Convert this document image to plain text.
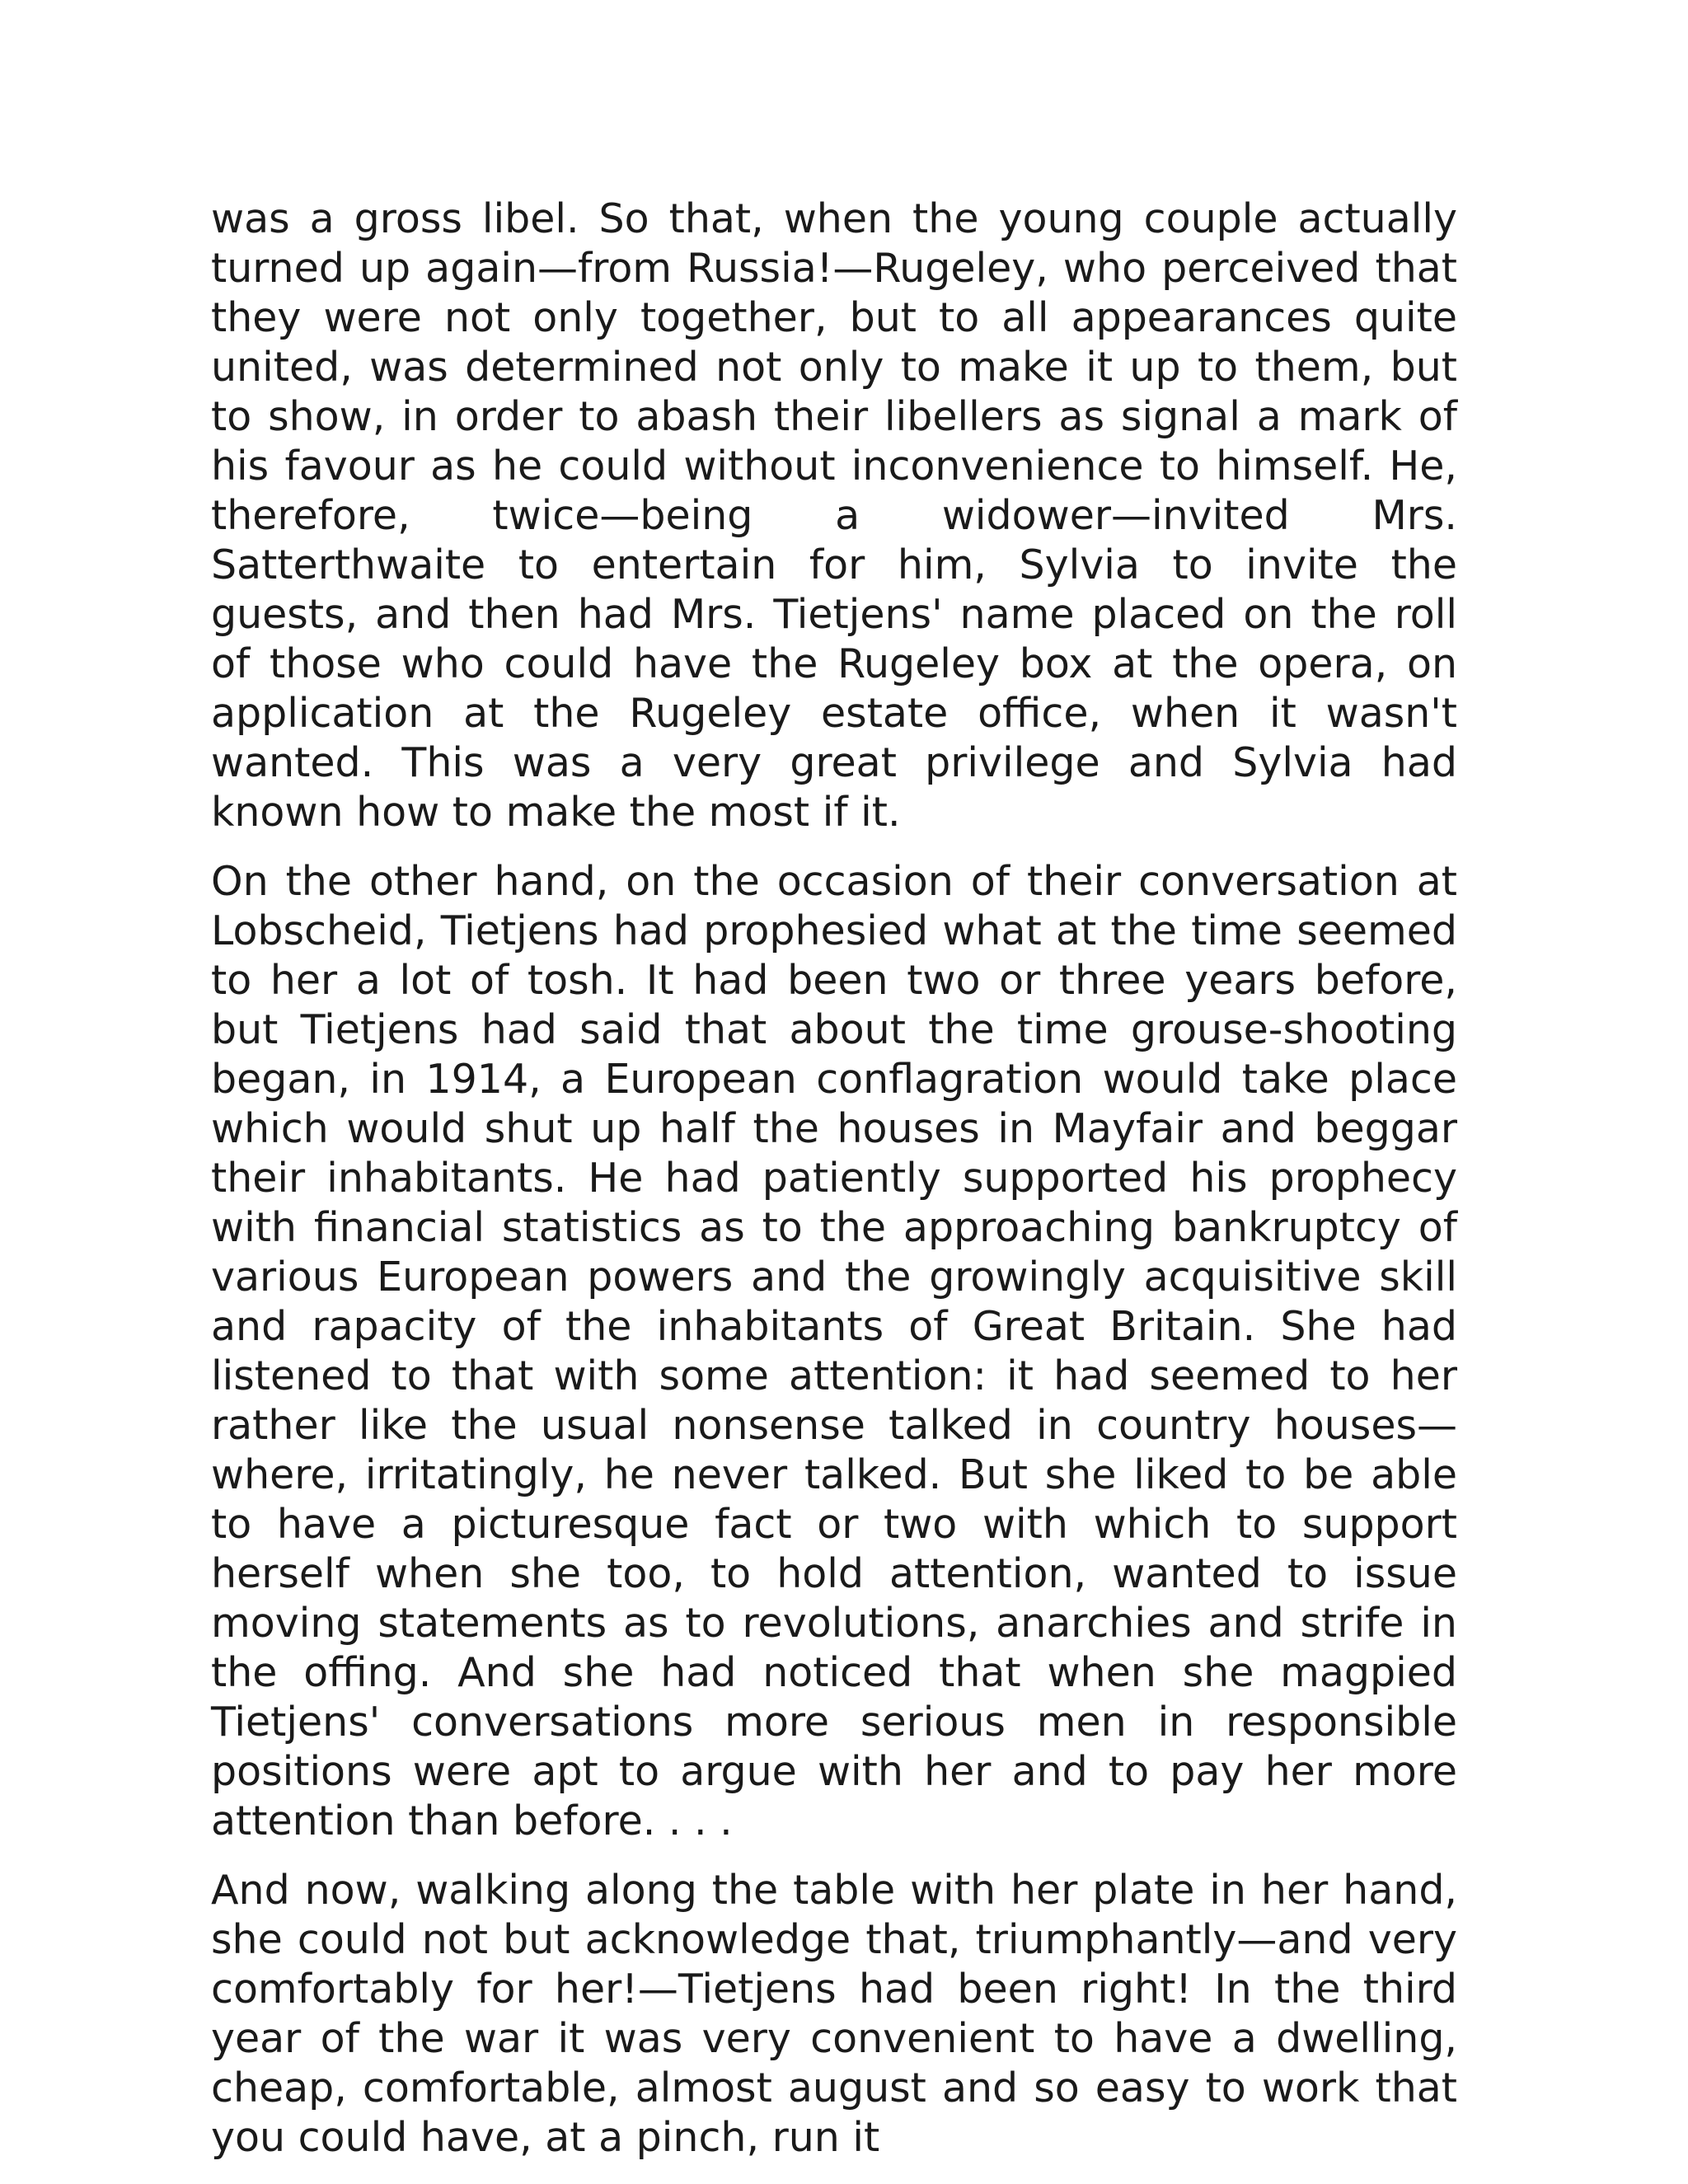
was a gross libel. So that, when the young couple actually turned up again—from Russia!—Rugeley, who perceived that they were not only together, but to all appearances quite united, was determined not only to make it up to them, but to show, in order to abash their libellers as signal a mark of his favour as he could without inconvenience to himself. He, therefore, twice—being a widower—invited Mrs. Satterthwaite to entertain for him, Sylvia to invite the guests, and then had Mrs. Tietjens' name placed on the roll of those who could have the Rugeley box at the opera, on application at the Rugeley estate office, when it wasn't wanted. This was a very great privilege and Sylvia had known how to make the most if it.

On the other hand, on the occasion of their conversation at Lobscheid, Tietjens had prophesied what at the time seemed to her a lot of tosh. It had been two or three years before, but Tietjens had said that about the time grouse-shooting began, in 1914, a European conflagration would take place which would shut up half the houses in Mayfair and beggar their inhabitants. He had patiently supported his prophecy with financial statistics as to the approaching bankruptcy of various European powers and the growingly acquisitive skill and rapacity of the inhabitants of Great Britain. She had listened to that with some attention: it had seemed to her rather like the usual nonsense talked in country houses—where, irritatingly, he never talked. But she liked to be able to have a picturesque fact or two with which to support herself when she too, to hold attention, wanted to issue moving statements as to revolutions, anarchies and strife in the offing. And she had noticed that when she magpied Tietjens' conversations more serious men in responsible positions were apt to argue with her and to pay her more attention than before. . . .

And now, walking along the table with her plate in her hand, she could not but acknowledge that, triumphantly—and very comfortably for her!—Tietjens had been right! In the third year of the war it was very convenient to have a dwelling, cheap, comfortable, almost august and so easy to work that you could have, at a pinch, run it
